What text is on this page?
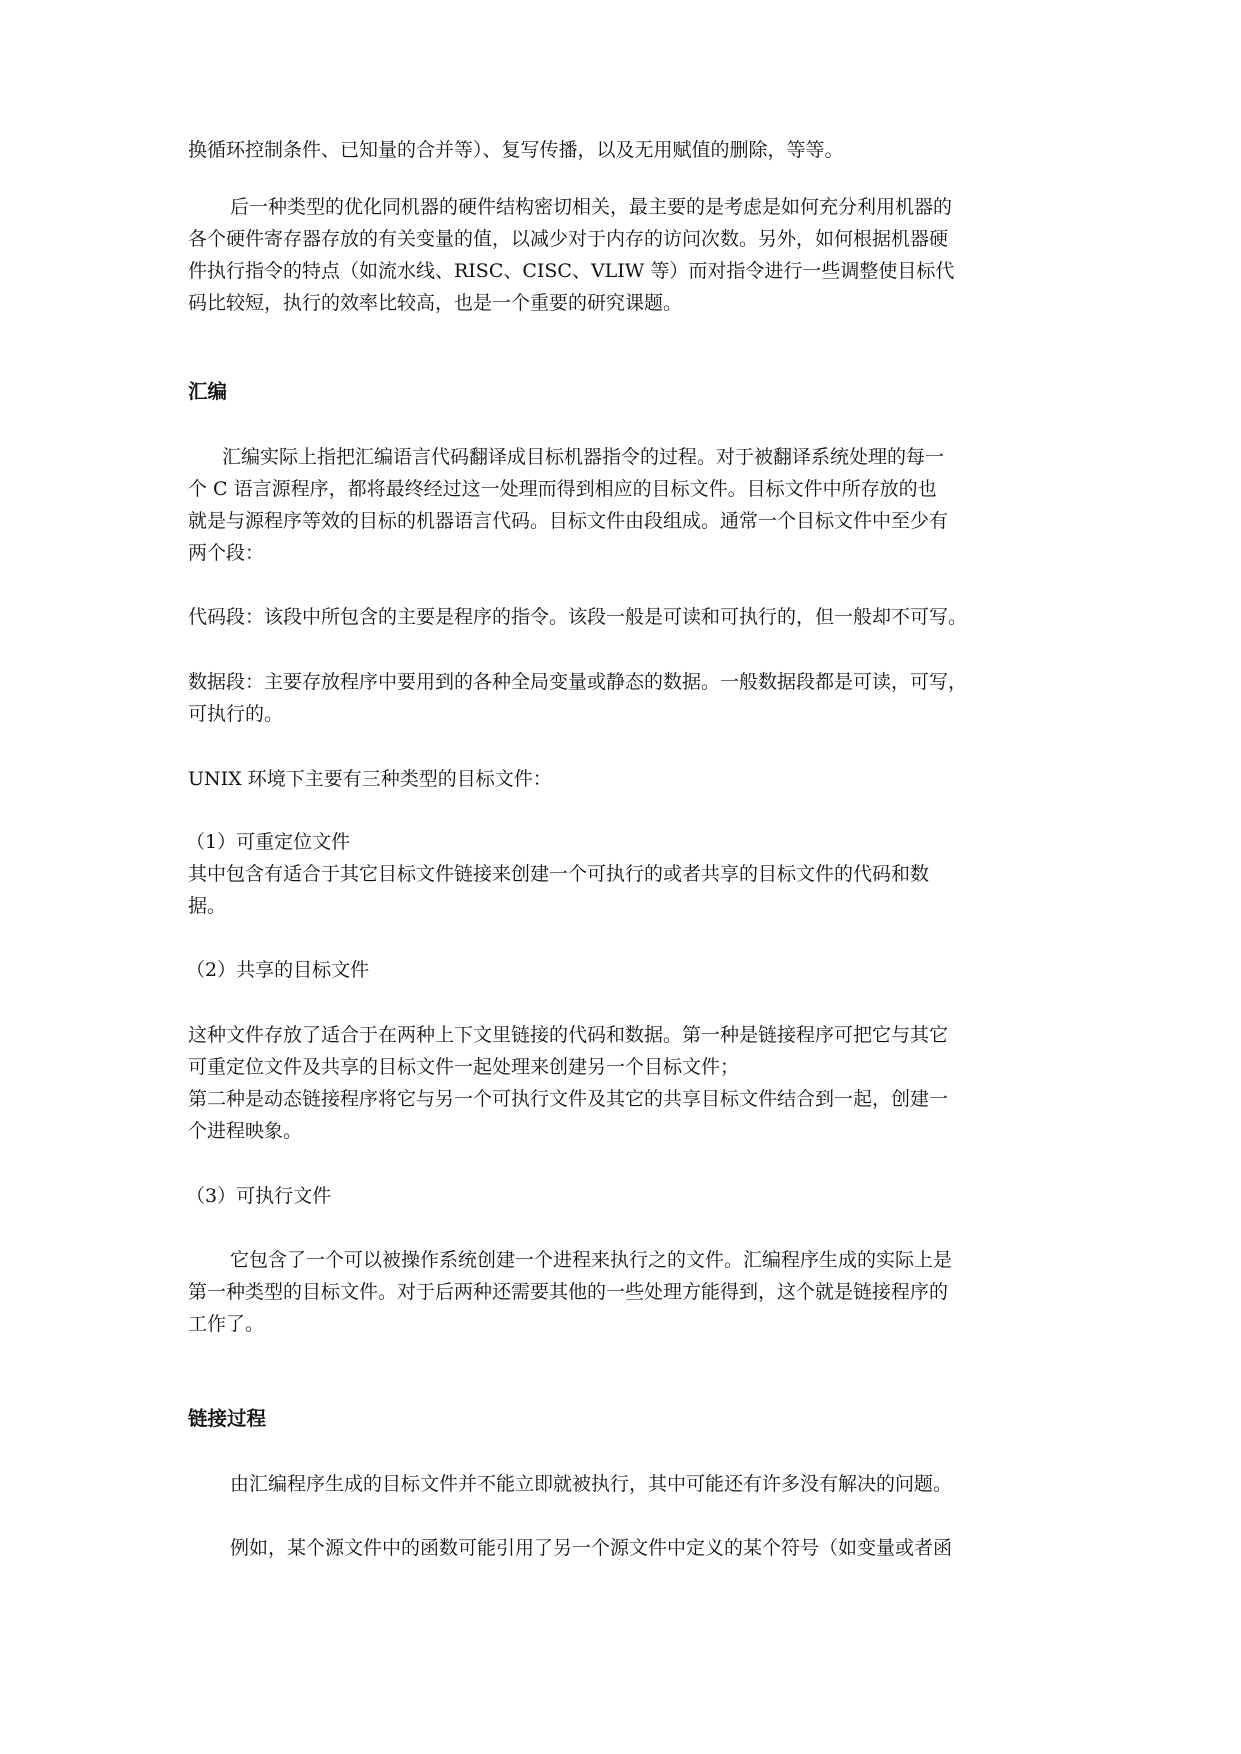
换循环控制条件、已知量的合并等）、复写传播，以及无用赋值的删除，等等。

后一种类型的优化同机器的硬件结构密切相关，最主要的是考虑是如何充分利用机器的

各个硬件寄存器存放的有关变量的值，以减少对于内存的访问次数。另外，如何根据机器硬

件执行指令的特点（如流水线、RISC、CISC、VLIW 等）而对指令进行一些调整使目标代

码比较短，执行的效率比较高，也是一个重要的研究课题。

汇编

汇编实际上指把汇编语言代码翻译成目标机器指令的过程。对于被翻译系统处理的每一

个 C 语言源程序，都将最终经过这一处理而得到相应的目标文件。目标文件中所存放的也

就是与源程序等效的目标的机器语言代码。目标文件由段组成。通常一个目标文件中至少有

两个段：

代码段：该段中所包含的主要是程序的指令。该段一般是可读和可执行的，但一般却不可写。

数据段：主要存放程序中要用到的各种全局变量或静态的数据。一般数据段都是可读，可写，

可执行的。

UNIX 环境下主要有三种类型的目标文件：

（1）可重定位文件

其中包含有适合于其它目标文件链接来创建一个可执行的或者共享的目标文件的代码和数

据。

（2）共享的目标文件

这种文件存放了适合于在两种上下文里链接的代码和数据。第一种是链接程序可把它与其它

可重定位文件及共享的目标文件一起处理来创建另一个目标文件；

第二种是动态链接程序将它与另一个可执行文件及其它的共享目标文件结合到一起，创建一

个进程映象。

（3）可执行文件

它包含了一个可以被操作系统创建一个进程来执行之的文件。汇编程序生成的实际上是

第一种类型的目标文件。对于后两种还需要其他的一些处理方能得到，这个就是链接程序的

工作了。

链接过程

由汇编程序生成的目标文件并不能立即就被执行，其中可能还有许多没有解决的问题。

例如，某个源文件中的函数可能引用了另一个源文件中定义的某个符号（如变量或者函
